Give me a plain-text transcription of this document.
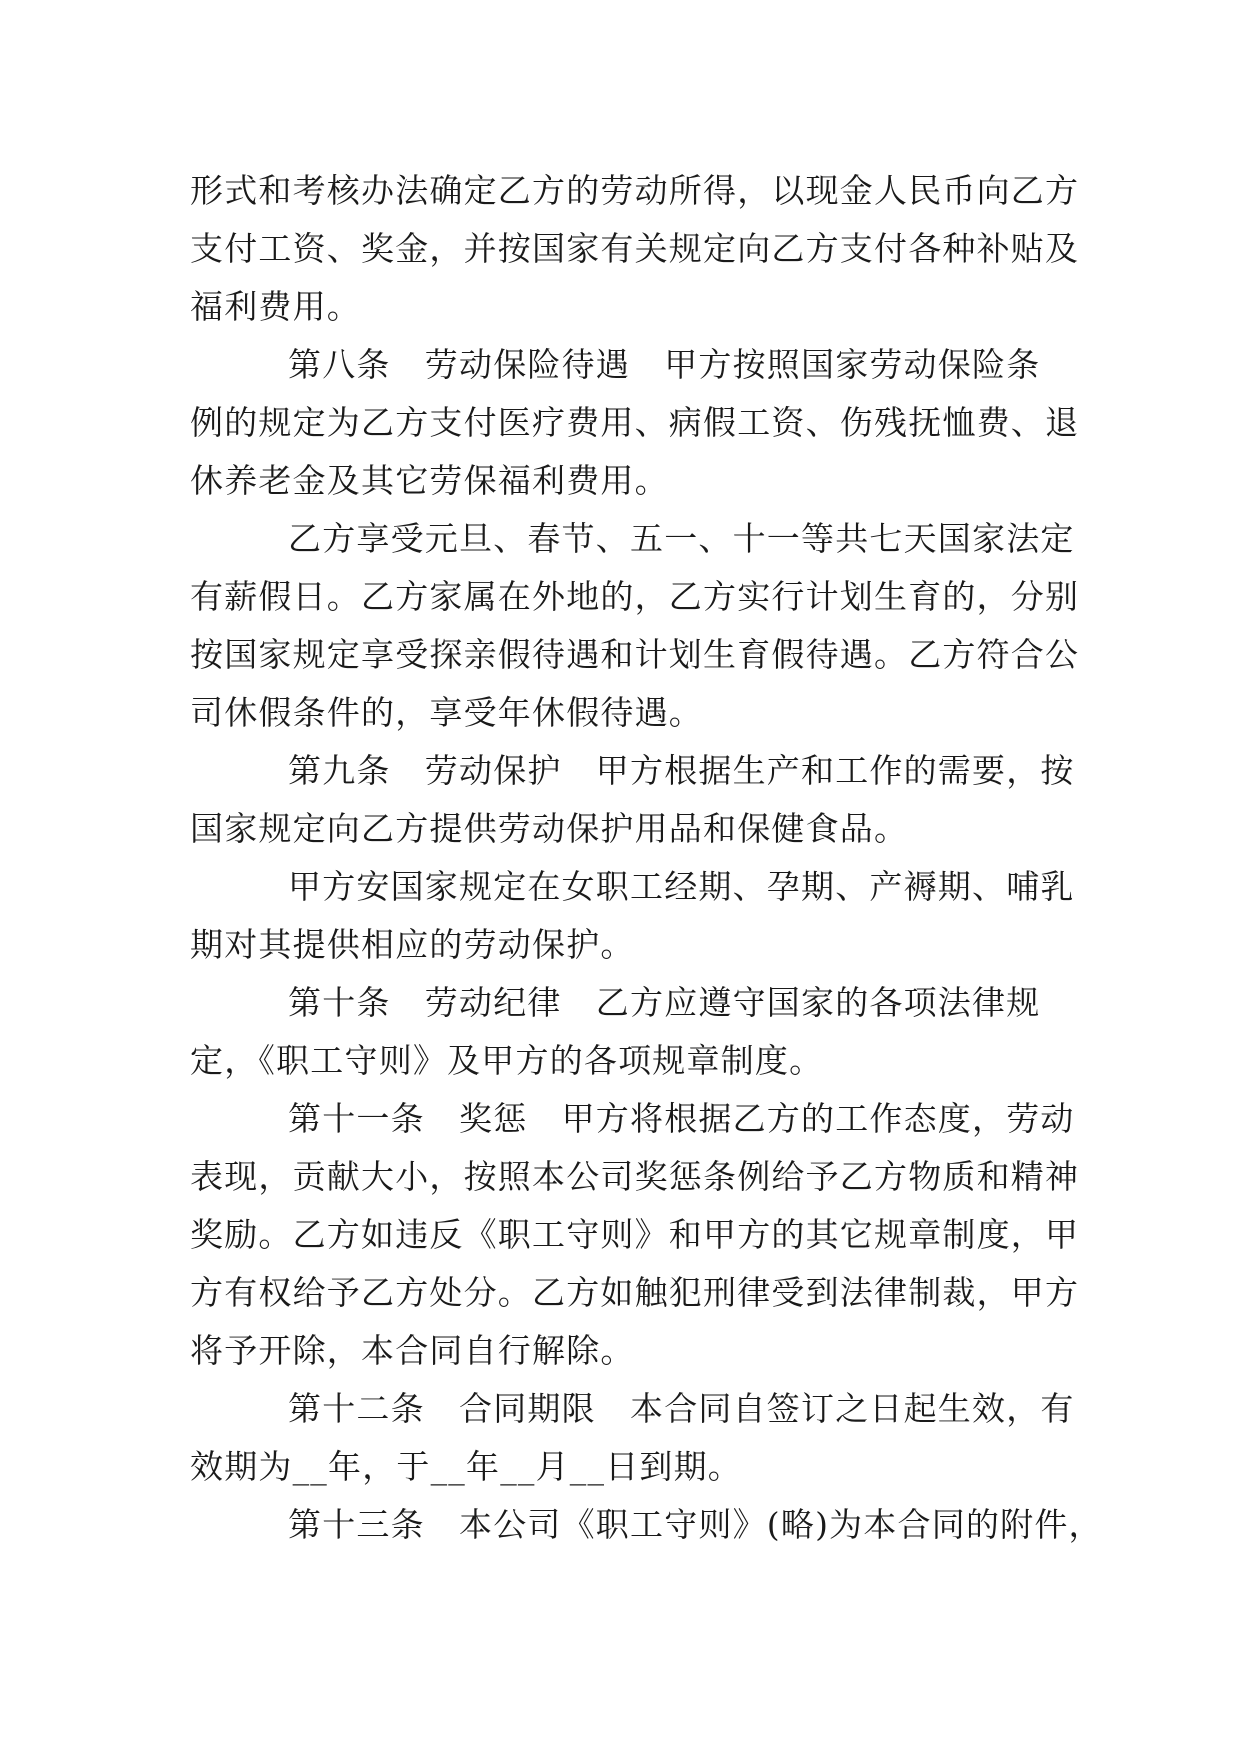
形式和考核办法确定乙方的劳动所得，以现金人民币向乙方
支付工资、奖金，并按国家有关规定向乙方支付各种补贴及
福利费用。
第八条　劳动保险待遇　甲方按照国家劳动保险条
例的规定为乙方支付医疗费用、病假工资、伤残抚恤费、退
休养老金及其它劳保福利费用。
乙方享受元旦、春节、五一、十一等共七天国家法定
有薪假日。乙方家属在外地的，乙方实行计划生育的，分别
按国家规定享受探亲假待遇和计划生育假待遇。乙方符合公
司休假条件的，享受年休假待遇。
第九条　劳动保护　甲方根据生产和工作的需要，按
国家规定向乙方提供劳动保护用品和保健食品。
甲方安国家规定在女职工经期、孕期、产褥期、哺乳
期对其提供相应的劳动保护。
第十条　劳动纪律　乙方应遵守国家的各项法律规
定，《职工守则》及甲方的各项规章制度。
第十一条　奖惩　甲方将根据乙方的工作态度，劳动
表现，贡献大小，按照本公司奖惩条例给予乙方物质和精神
奖励。乙方如违反《职工守则》和甲方的其它规章制度，甲
方有权给予乙方处分。乙方如触犯刑律受到法律制裁，甲方
将予开除，本合同自行解除。
第十二条　合同期限　本合同自签订之日起生效，有
效期为__年，于__年__月__日到期。
第十三条　本公司《职工守则》(略)为本合同的附件，
